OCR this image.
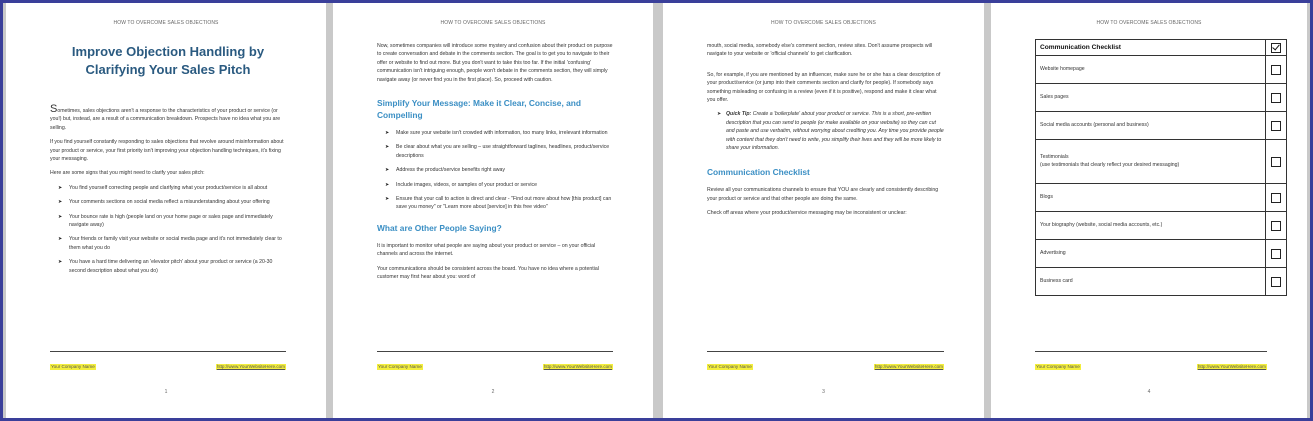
HOW TO OVERCOME SALES OBJECTIONS
Improve Objection Handling by Clarifying Your Sales Pitch

Sometimes, sales objections aren't a response to the characteristics of your product or service (or you!) but, instead, are a result of a communication breakdown. Prospects have no idea what you are selling.

If you find yourself constantly responding to sales objections that revolve around misinformation about your product or service, your first priority isn't improving your objection handling techniques, it's fixing your messaging.

Here are some signs that you might need to clarify your sales pitch:

➤ You find yourself correcting people and clarifying what your product/service is all about
➤ Your comments sections on social media reflect a misunderstanding about your offering
➤ Your bounce rate is high (people land on your home page or sales page and immediately navigate away)
➤ Your friends or family visit your website or social media page and it's not immediately clear to them what you do
➤ You have a hard time delivering an 'elevator pitch' about your product or service (a 20-30 second description about what you do)
Your Company Name	http://www.YourWebsiteHere.com
1
HOW TO OVERCOME SALES OBJECTIONS

Now, sometimes companies will introduce some mystery and confusion about their product on purpose to create conversation and debate in the comments section. The goal is to get you to navigate to their offer or website to find out more. But you don't want to take this too far. If the initial 'confusing' communication isn't intriguing enough, people won't debate in the comments section, they will simply navigate away (or never find you in the first place). So, proceed with caution.

Simplify Your Message: Make it Clear, Concise, and Compelling
➤ Make sure your website isn't crowded with information, too many links, irrelevant information
➤ Be clear about what you are selling – use straightforward taglines, headlines, product/service descriptions
➤ Address the product/service benefits right away
➤ Include images, videos, or samples of your product or service
➤ Ensure that your call to action is direct and clear - "Find out more about how [this product] can save you money" or "Learn more about [service] in this free video"
What are Other People Saying?

It is important to monitor what people are saying about your product or service – on your official channels and across the internet.

Your communications should be consistent across the board. You have no idea where a potential customer may first hear about you: word of

Your Company Name	http://www.YourWebsiteHere.com
2
HOW TO OVERCOME SALES OBJECTIONS

mouth, social media, somebody else's comment section, review sites. Don't assume prospects will navigate to your website or 'official channels' to get clarification.

So, for example, if you are mentioned by an influencer, make sure he or she has a clear description of your product/service (or jump into their comments section and clarify for people). If somebody says something misleading or confusing in a review (even if it is positive), respond and make it clear what you offer.

➤ Quick Tip: Create a 'boilerplate' about your product or service. This is a short, pre-written description that you can send to people (or make available on your website) so they can cut and paste and use verbatim, without worrying about crediting you. Any time you provide people with content that they don't need to write, you simplify their lives and they will be more likely to share your information.
Communication Checklist

Review all your communications channels to ensure that YOU are clearly and consistently describing your product or service and that other people are doing the same.

Check off areas where your product/service messaging may be inconsistent or unclear:

Your Company Name	http://www.YourWebsiteHere.com
3
HOW TO OVERCOME SALES OBJECTIONS
Communication Checklist	
Website homepage	
Sales pages	
Social media accounts (personal and business)	
Testimonials
(use testimonials that clearly reflect your desired messaging)	
Blogs	
Your biography (website, social media accounts, etc.)	
Advertising	
Business card	
Your Company Name	http://www.YourWebsiteHere.com
4
